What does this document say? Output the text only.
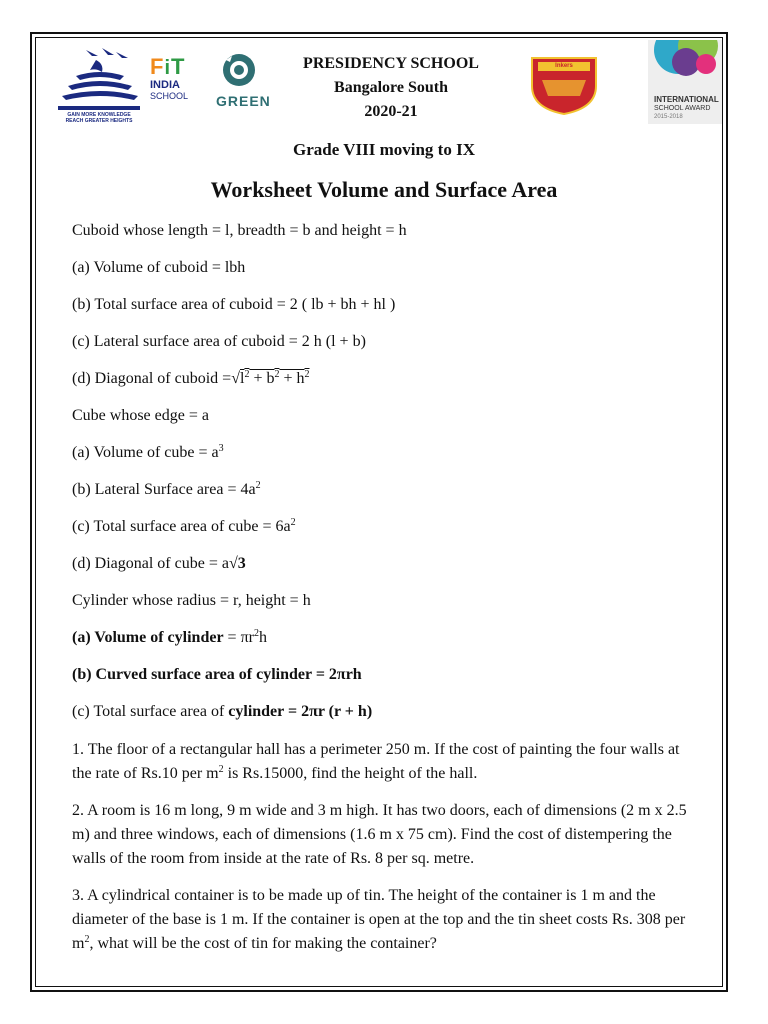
GAIN MORE KNOWLEDGE
REACH GREATER HEIGHTS
FiT
INDIA
SCHOOL	GREEN
PRESIDENCY SCHOOL
Bangalore South
2020-21
Inkers
INTERNATIONAL
SCHOOL AWARD
2015-2018
Grade VIII moving to IX
Worksheet Volume and Surface Area
Cuboid whose length = l, breadth = b and height = h
(a) Volume of cuboid = lbh
(b) Total surface area of cuboid = 2 ( lb + bh + hl )
(c) Lateral surface area of cuboid = 2 h (l + b)
(d) Diagonal of cuboid $=√l^2 + b^2 + h^2$
Cube whose edge = a
(a) Volume of cube = $a^3$
(b) Lateral Surface area = $4a^2$
(c) Total surface area of cube = $6a^2$
(d) Diagonal of cube = a√3
Cylinder whose radius = r, height = h
(a) Volume of cylinder = $\pi r^2h$
(b) Curved surface area of cylinder = 2πrh
(c) Total surface area of cylinder = 2πr (r + h)
1. The floor of a rectangular hall has a perimeter 250 m. If the cost of painting the four walls at the rate of Rs.10 per $m^2$ is Rs.15000, find the height of the hall.
2. A room is 16 m long, 9 m wide and 3 m high. It has two doors, each of dimensions (2 m x 2.5 m) and three windows, each of dimensions (1.6 m x 75 cm). Find the cost of distempering the walls of the room from inside at the rate of Rs. 8 per sq. metre.
3. A cylindrical container is to be made up of tin. The height of the container is 1 m and the diameter of the base is 1 m. If the container is open at the top and the tin sheet costs Rs. 308 per $m^2$, what will be the cost of tin for making the container?
